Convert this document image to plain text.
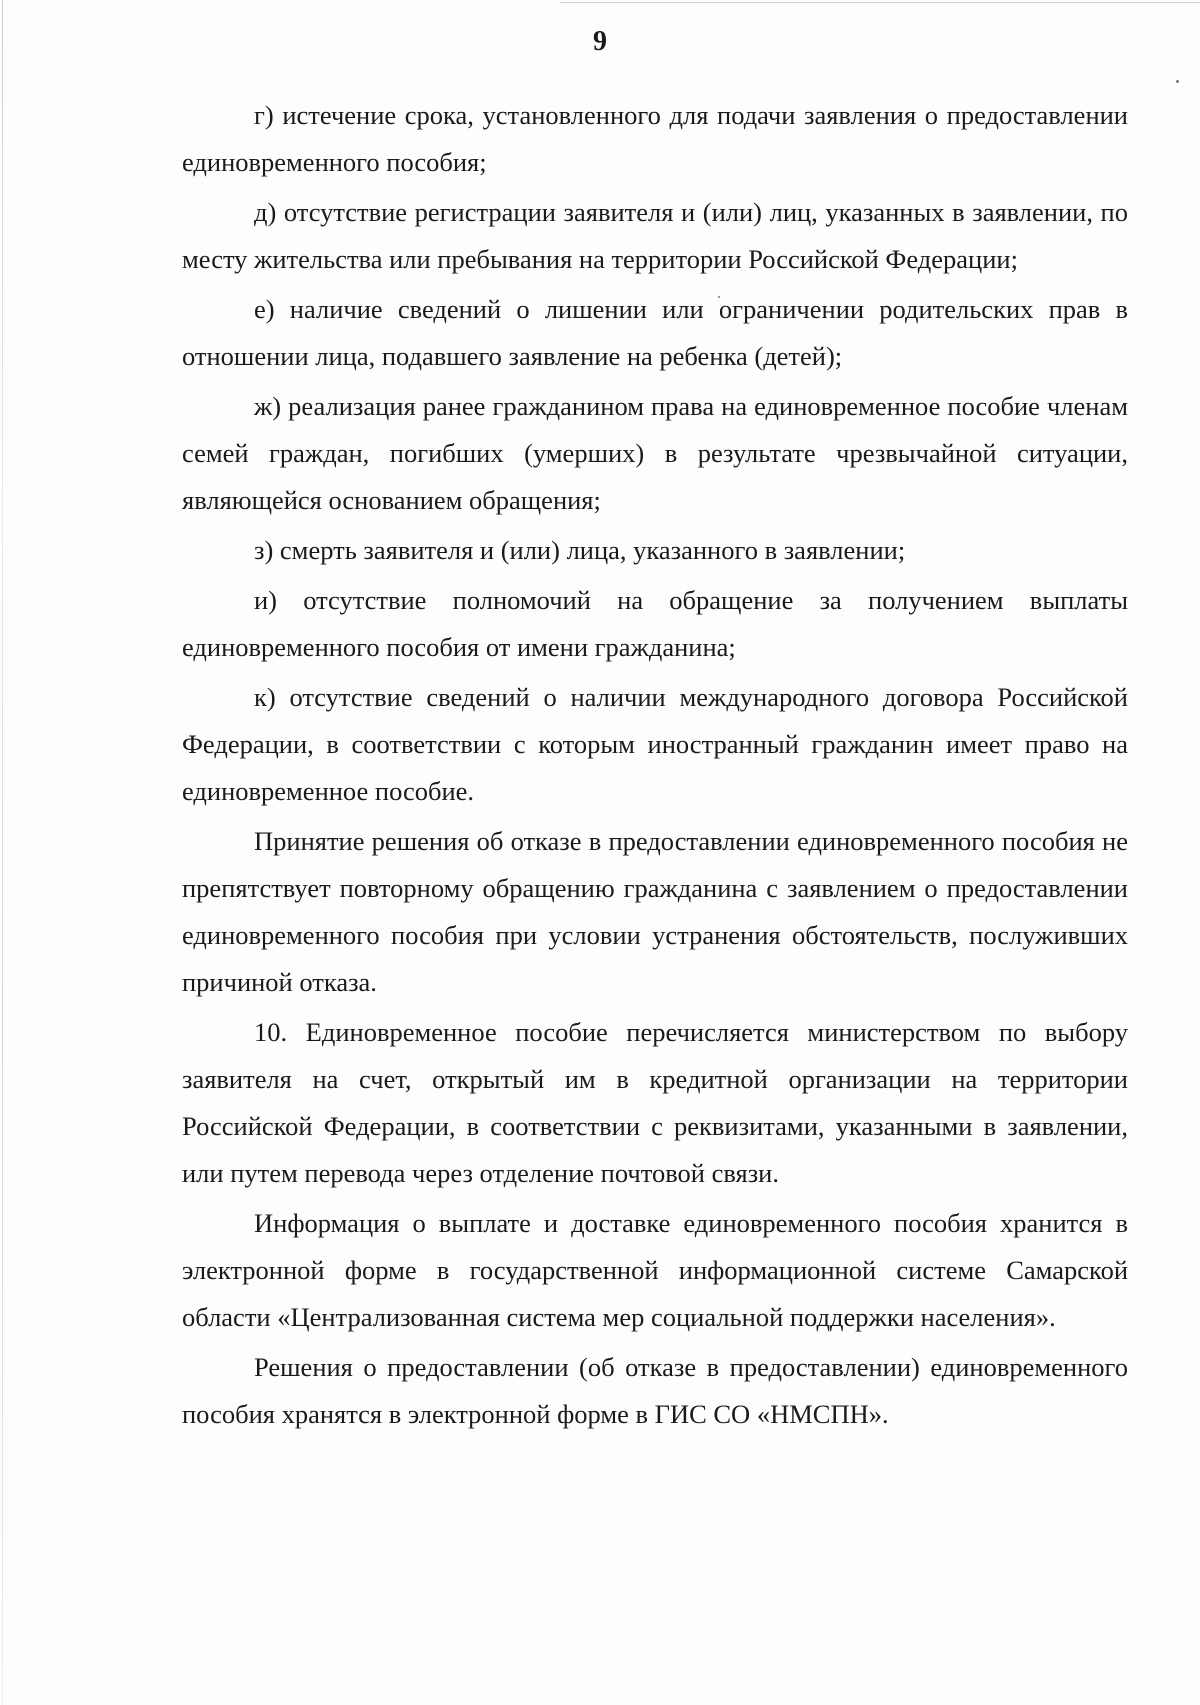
9

г) истечение срока, установленного для подачи заявления о предоставлении единовременного пособия;

д) отсутствие регистрации заявителя и (или) лиц, указанных в заявлении, по месту жительства или пребывания на территории Российской Федерации;

е) наличие сведений о лишении или ограничении родительских прав в отношении лица, подавшего заявление на ребенка (детей);

ж) реализация ранее гражданином права на единовременное пособие членам семей граждан, погибших (умерших) в результате чрезвычайной ситуации, являющейся основанием обращения;

з) смерть заявителя и (или) лица, указанного в заявлении;

и) отсутствие полномочий на обращение за получением выплаты единовременного пособия от имени гражданина;

к) отсутствие сведений о наличии международного договора Российской Федерации, в соответствии с которым иностранный гражданин имеет право на единовременное пособие.

Принятие решения об отказе в предоставлении единовременного пособия не препятствует повторному обращению гражданина с заявлением о предоставлении единовременного пособия при условии устранения обстоятельств, послуживших причиной отказа.

10. Единовременное пособие перечисляется министерством по выбору заявителя на счет, открытый им в кредитной организации на территории Российской Федерации, в соответствии с реквизитами, указанными в заявлении, или путем перевода через отделение почтовой связи.

Информация о выплате и доставке единовременного пособия хранится в электронной форме в государственной информационной системе Самарской области «Централизованная система мер социальной поддержки населения».

Решения о предоставлении (об отказе в предоставлении) единовременного пособия хранятся в электронной форме в ГИС СО «НМСПН».
